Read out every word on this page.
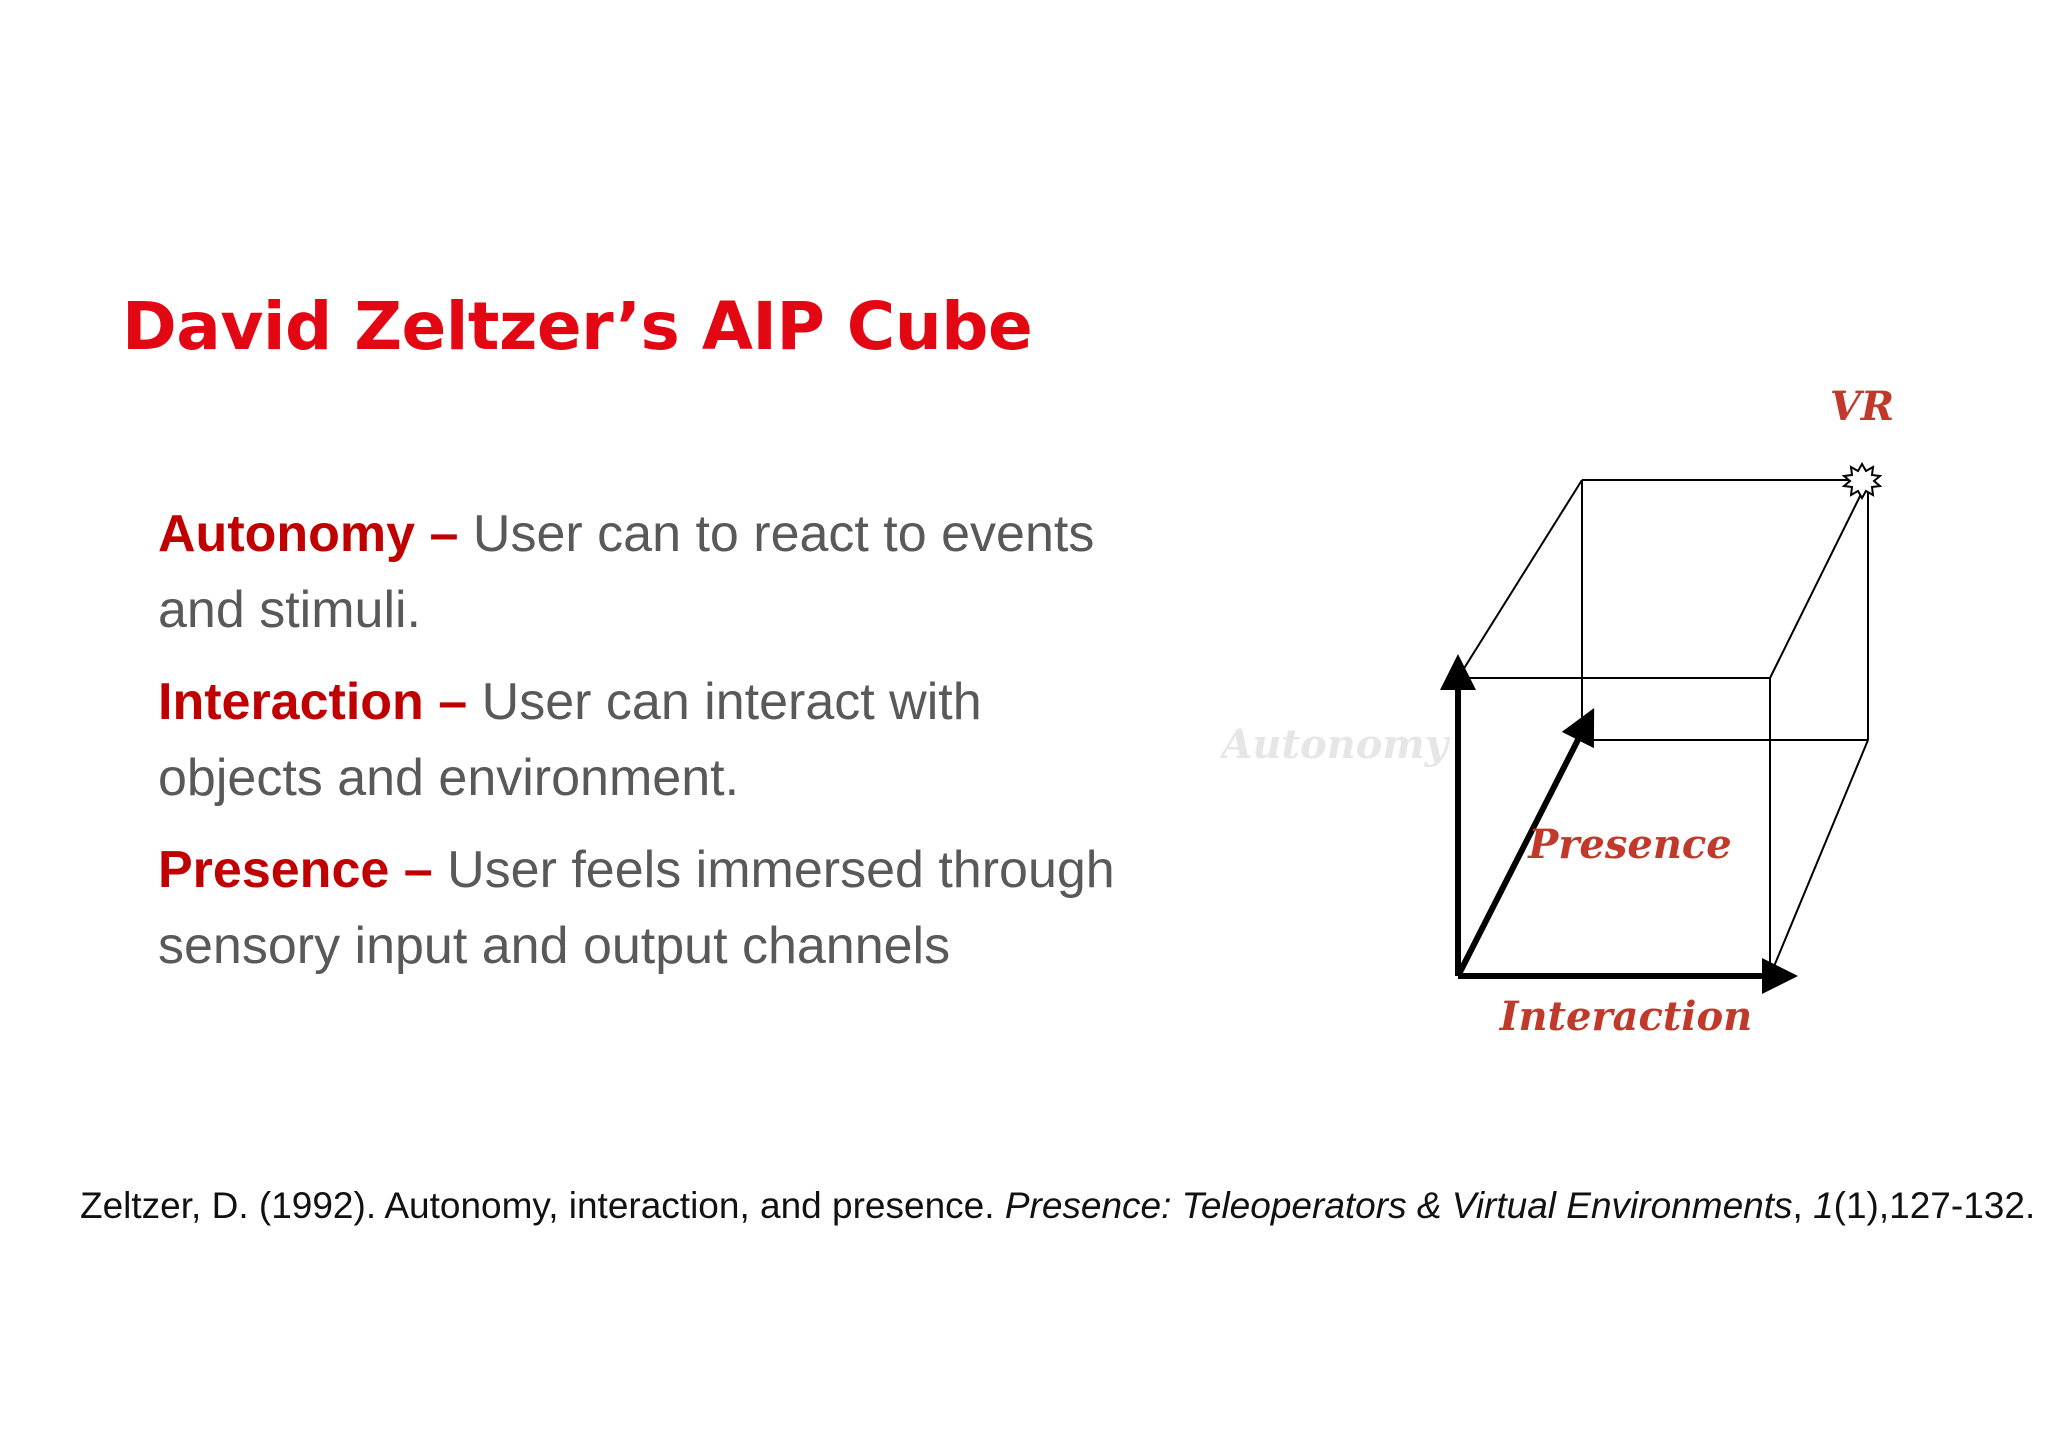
David Zeltzer’s AIP Cube
Autonomy – User can to react to events
and stimuli.
Interaction – User can interact with
objects and environment.
Presence – User feels immersed through
sensory input and output channels
VR
Autonomy
Presence
Interaction

Zeltzer, D. (1992). Autonomy, interaction, and presence. Presence: Teleoperators & Virtual Environments, 1(1),127-132.
